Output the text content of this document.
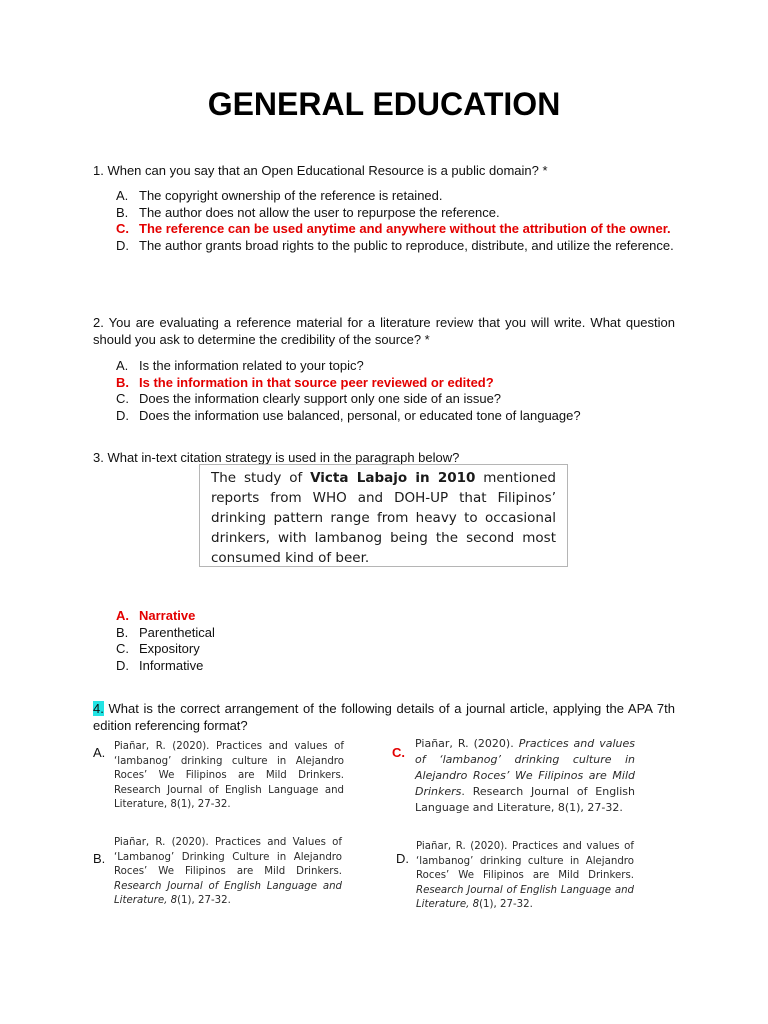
GENERAL EDUCATION
1. When can you say that an Open Educational Resource is a public domain? *
A. The copyright ownership of the reference is retained.
B. The author does not allow the user to repurpose the reference.
C. The reference can be used anytime and anywhere without the attribution of the owner.
D. The author grants broad rights to the public to reproduce, distribute, and utilize the reference.
2. You are evaluating a reference material for a literature review that you will write. What question should you ask to determine the credibility of the source? *
A. Is the information related to your topic?
B. Is the information in that source peer reviewed or edited?
C. Does the information clearly support only one side of an issue?
D. Does the information use balanced, personal, or educated tone of language?
3. What in-text citation strategy is used in the paragraph below?
The study of Victa Labajo in 2010 mentioned reports from WHO and DOH-UP that Filipinos’ drinking pattern range from heavy to occasional drinkers, with lambanog being the second most consumed kind of beer.
A. Narrative
B. Parenthetical
C. Expository
D. Informative
4. What is the correct arrangement of the following details of a journal article, applying the APA 7th edition referencing format?
A. Piañar, R. (2020). Practices and values of ‘lambanog’ drinking culture in Alejandro Roces’ We Filipinos are Mild Drinkers. Research Journal of English Language and Literature, 8(1), 27-32.
C.
Piañar, R. (2020). Practices and values of ‘lambanog’ drinking culture in Alejandro Roces’ We Filipinos are Mild Drinkers. Research Journal of English Language and Literature, 8(1), 27-32.
B.
Piañar, R. (2020). Practices and Values of ‘Lambanog’ Drinking Culture in Alejandro Roces’ We Filipinos are Mild Drinkers. Research Journal of English Language and Literature, 8(1), 27-32.
D.
Piañar, R. (2020). Practices and values of ‘lambanog’ drinking culture in Alejandro Roces’ We Filipinos are Mild Drinkers. Research Journal of English Language and Literature, 8(1), 27-32.
